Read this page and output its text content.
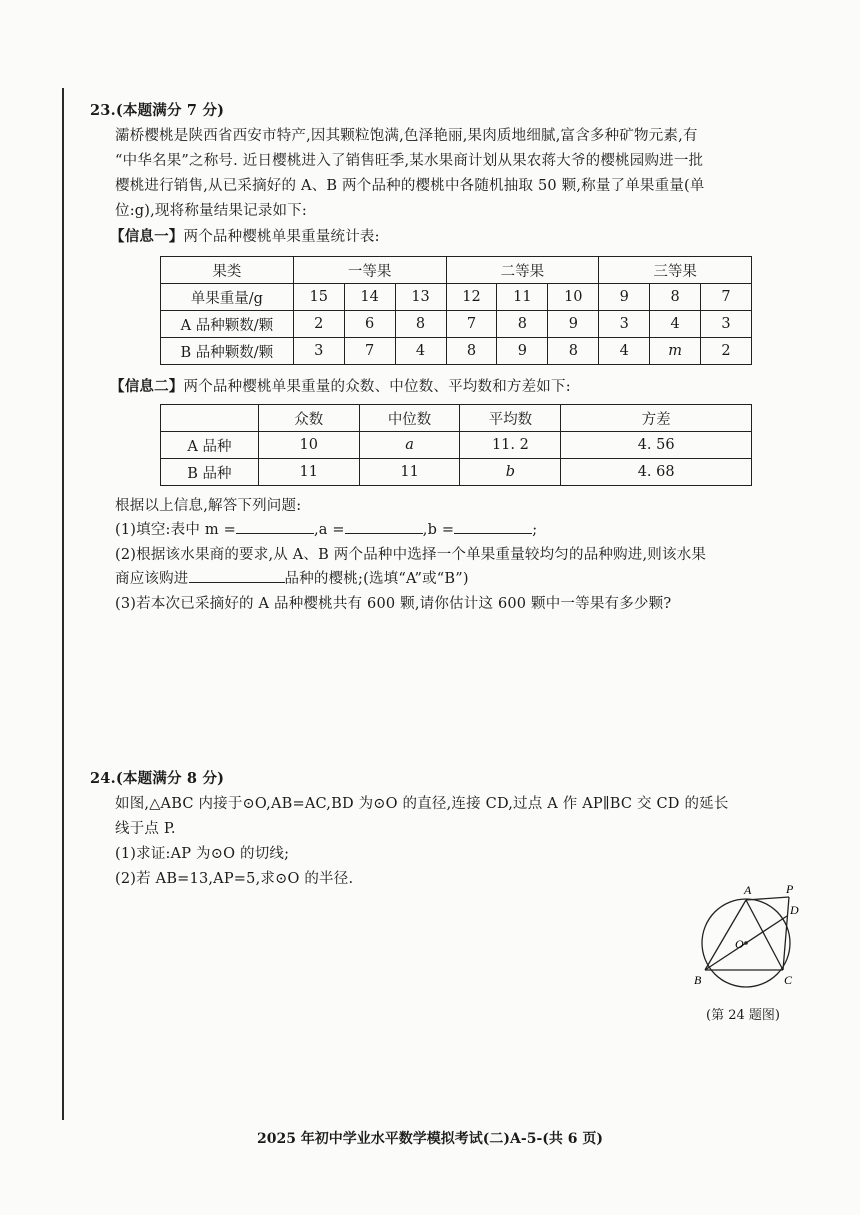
23.(本题满分 7 分)
灞桥樱桃是陕西省西安市特产,因其颗粒饱满,色泽艳丽,果肉质地细腻,富含多种矿物元素,有
“中华名果”之称号. 近日樱桃进入了销售旺季,某水果商计划从果农蒋大爷的樱桃园购进一批
樱桃进行销售,从已采摘好的 A、B 两个品种的樱桃中各随机抽取 50 颗,称量了单果重量(单
位:g),现将称量结果记录如下:
【信息一】两个品种樱桃单果重量统计表:
果类	一等果			二等果			三等果		
单果重量/g	15	14	13	12	11	10	9	8	7
A 品种颗数/颗	2	6	8	7	8	9	3	4	3
B 品种颗数/颗	3	7	4	8	9	8	4	m	2
【信息二】两个品种樱桃单果重量的众数、中位数、平均数和方差如下:
	众数	中位数	平均数	方差
A 品种	10	a	11. 2	4. 56
B 品种	11	11	b	4. 68
根据以上信息,解答下列问题:
(1)填空:表中 m =	,a =	,b =	;
(2)根据该水果商的要求,从 A、B 两个品种中选择一个单果重量较均匀的品种购进,则该水果
商应该购进	品种的樱桃;(选填“A”或“B”)
(3)若本次已采摘好的 A 品种樱桃共有 600 颗,请你估计这 600 颗中一等果有多少颗?
24.(本题满分 8 分)
如图,△ABC 内接于⊙O,AB=AC,BD 为⊙O 的直径,连接 CD,过点 A 作 AP∥BC 交 CD 的延长
线于点 P.
(1)求证:AP 为⊙O 的切线;
(2)若 AB=13,AP=5,求⊙O 的半径.
A	P
D
O
B	C
(第 24 题图)
2025 年初中学业水平数学模拟考试(二)A-5-(共 6 页)
